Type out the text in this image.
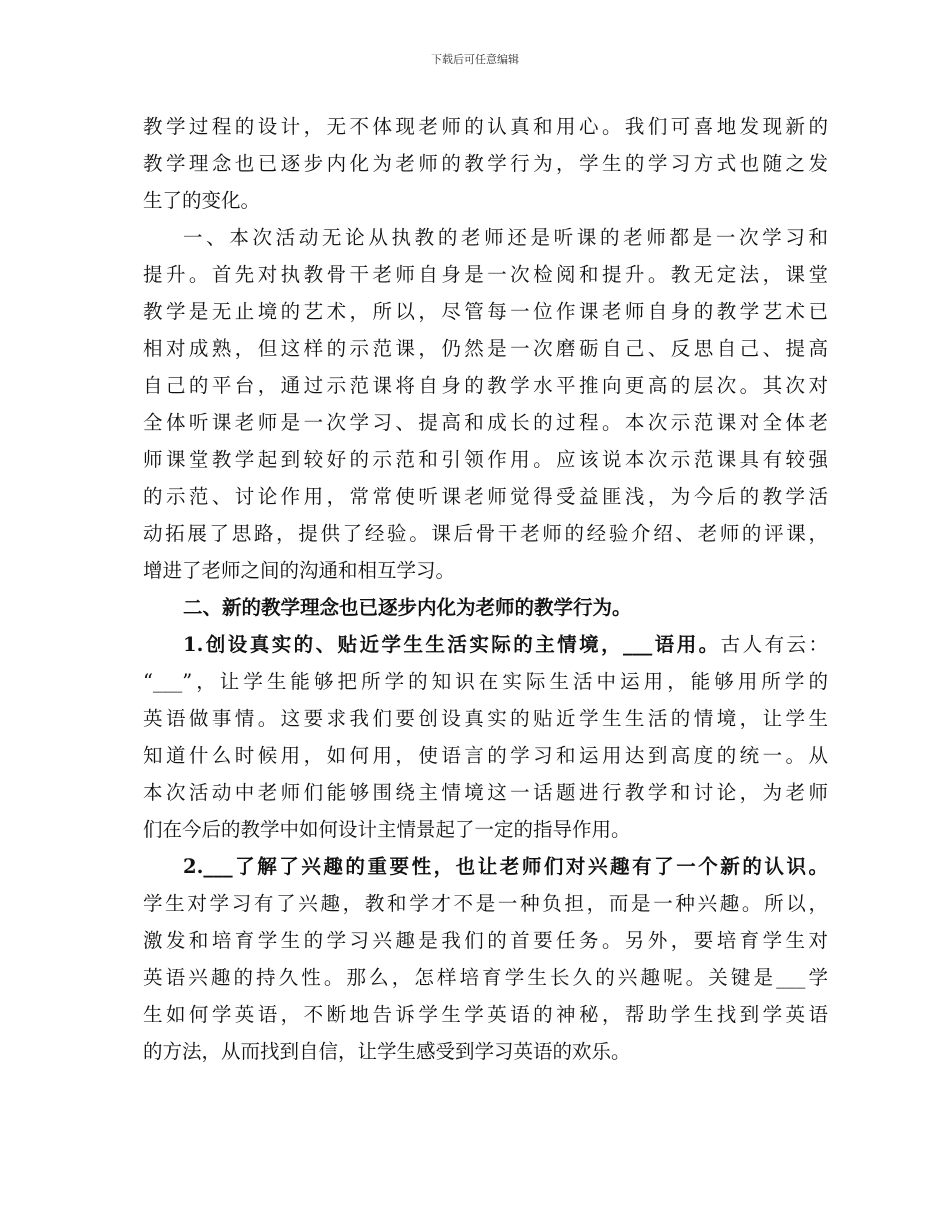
下载后可任意编辑
教学过程的设计，无不体现老师的认真和用心。我们可喜地发现新的
教学理念也已逐步内化为老师的教学行为，学生的学习方式也随之发
生了的变化。
一、本次活动无论从执教的老师还是听课的老师都是一次学习和
提升。首先对执教骨干老师自身是一次检阅和提升。教无定法，课堂
教学是无止境的艺术，所以，尽管每一位作课老师自身的教学艺术已
相对成熟，但这样的示范课，仍然是一次磨砺自己、反思自己、提高
自己的平台，通过示范课将自身的教学水平推向更高的层次。其次对
全体听课老师是一次学习、提高和成长的过程。本次示范课对全体老
师课堂教学起到较好的示范和引领作用。应该说本次示范课具有较强
的示范、讨论作用，常常使听课老师觉得受益匪浅，为今后的教学活
动拓展了思路，提供了经验。课后骨干老师的经验介绍、老师的评课，
增进了老师之间的沟通和相互学习。
二、新的教学理念也已逐步内化为老师的教学行为。
1.创设真实的、贴近学生生活实际的主情境，___语用。古人有云：
“___”，让学生能够把所学的知识在实际生活中运用，能够用所学的
英语做事情。这要求我们要创设真实的贴近学生生活的情境，让学生
知道什么时候用，如何用，使语言的学习和运用达到高度的统一。从
本次活动中老师们能够围绕主情境这一话题进行教学和讨论，为老师
们在今后的教学中如何设计主情景起了一定的指导作用。
2.___了解了兴趣的重要性，也让老师们对兴趣有了一个新的认识。
学生对学习有了兴趣，教和学才不是一种负担，而是一种兴趣。所以，
激发和培育学生的学习兴趣是我们的首要任务。另外，要培育学生对
英语兴趣的持久性。那么，怎样培育学生长久的兴趣呢。关键是___学
生如何学英语，不断地告诉学生学英语的神秘，帮助学生找到学英语
的方法，从而找到自信，让学生感受到学习英语的欢乐。
